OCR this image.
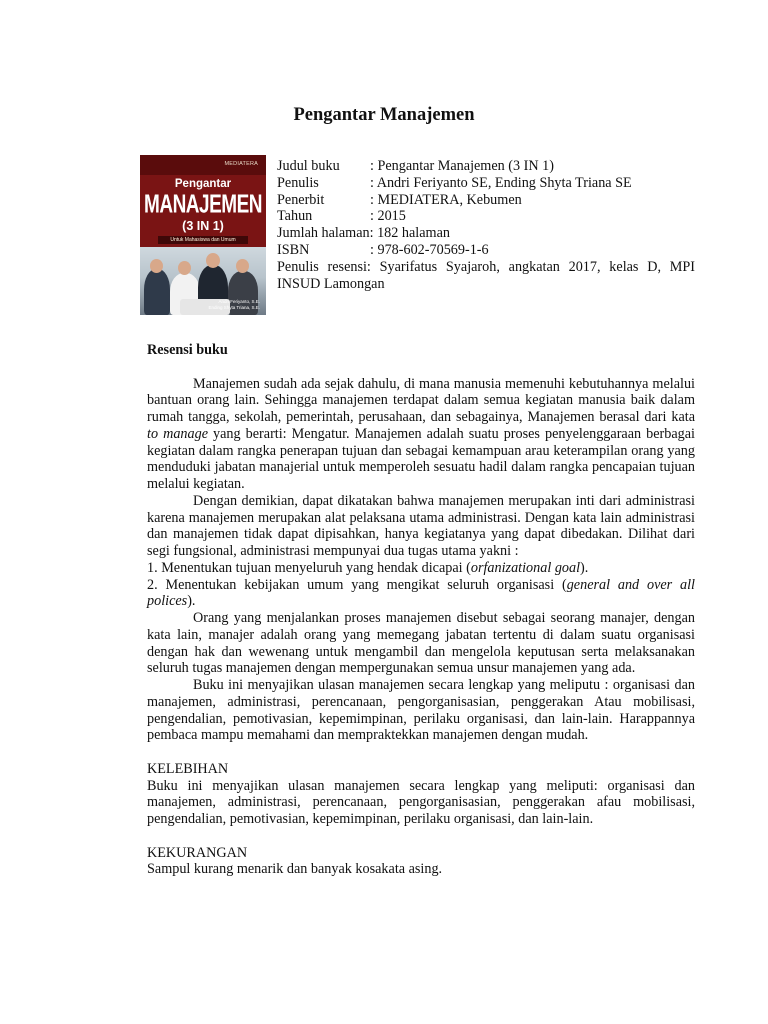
Pengantar Manajemen
MEDIATERA
Pengantar
MANAJEMEN
(3 IN 1)
Untuk Mahasiswa dan Umum
Andri Feriyanto, S.E.
Ending Shyta Triana, S.E.
Judul buku : Pengantar Manajemen (3 IN 1)
Penulis	: Andri Feriyanto SE, Ending Shyta Triana SE
Penerbit	: MEDIATERA, Kebumen
Tahun	: 2015
Jumlah halaman: 182 halaman
ISBN	: 978-602-70569-1-6
Penulis resensi: Syarifatus Syajaroh, angkatan 2017, kelas D, MPI INSUD Lamongan

Resensi buku

Manajemen sudah ada sejak dahulu, di mana manusia memenuhi kebutuhannya melalui bantuan orang lain. Sehingga manajemen terdapat dalam semua kegiatan manusia baik dalam rumah tangga, sekolah, pemerintah, perusahaan, dan sebagainya, Manajemen berasal dari kata to manage yang berarti: Mengatur. Manajemen adalah suatu proses penyelenggaraan berbagai kegiatan dalam rangka penerapan tujuan dan sebagai kemampuan arau keterampilan orang yang menduduki jabatan manajerial untuk memperoleh sesuatu hadil dalam rangka pencapaian tujuan melalui kegiatan.

Dengan demikian, dapat dikatakan bahwa manajemen merupakan inti dari administrasi karena manajemen merupakan alat pelaksana utama administrasi. Dengan kata lain administrasi dan manajemen tidak dapat dipisahkan, hanya kegiatanya yang dapat dibedakan. Dilihat dari segi fungsional, administrasi mempunyai dua tugas utama yakni :

1. Menentukan tujuan menyeluruh yang hendak dicapai (orfanizational goal).

2. Menentukan kebijakan umum yang mengikat seluruh organisasi (general and over all polices).

Orang yang menjalankan proses manajemen disebut sebagai seorang manajer, dengan kata lain, manajer adalah orang yang memegang jabatan tertentu di dalam suatu organisasi dengan hak dan wewenang untuk mengambil dan mengelola keputusan serta melaksanakan seluruh tugas manajemen dengan mempergunakan semua unsur manajemen yang ada.

Buku ini menyajikan ulasan manajemen secara lengkap yang meliputu : organisasi dan manajemen, administrasi, perencanaan, pengorganisasian, penggerakan Atau mobilisasi, pengendalian, pemotivasian, kepemimpinan, perilaku organisasi, dan lain-lain. Harappannya pembaca mampu memahami dan mempraktekkan manajemen dengan mudah.

KELEBIHAN

Buku ini menyajikan ulasan manajemen secara lengkap yang meliputi: organisasi dan manajemen, administrasi, perencanaan, pengorganisasian, penggerakan afau mobilisasi, pengendalian, pemotivasian, kepemimpinan, perilaku organisasi, dan lain-lain.

KEKURANGAN

Sampul kurang menarik dan banyak kosakata asing.
